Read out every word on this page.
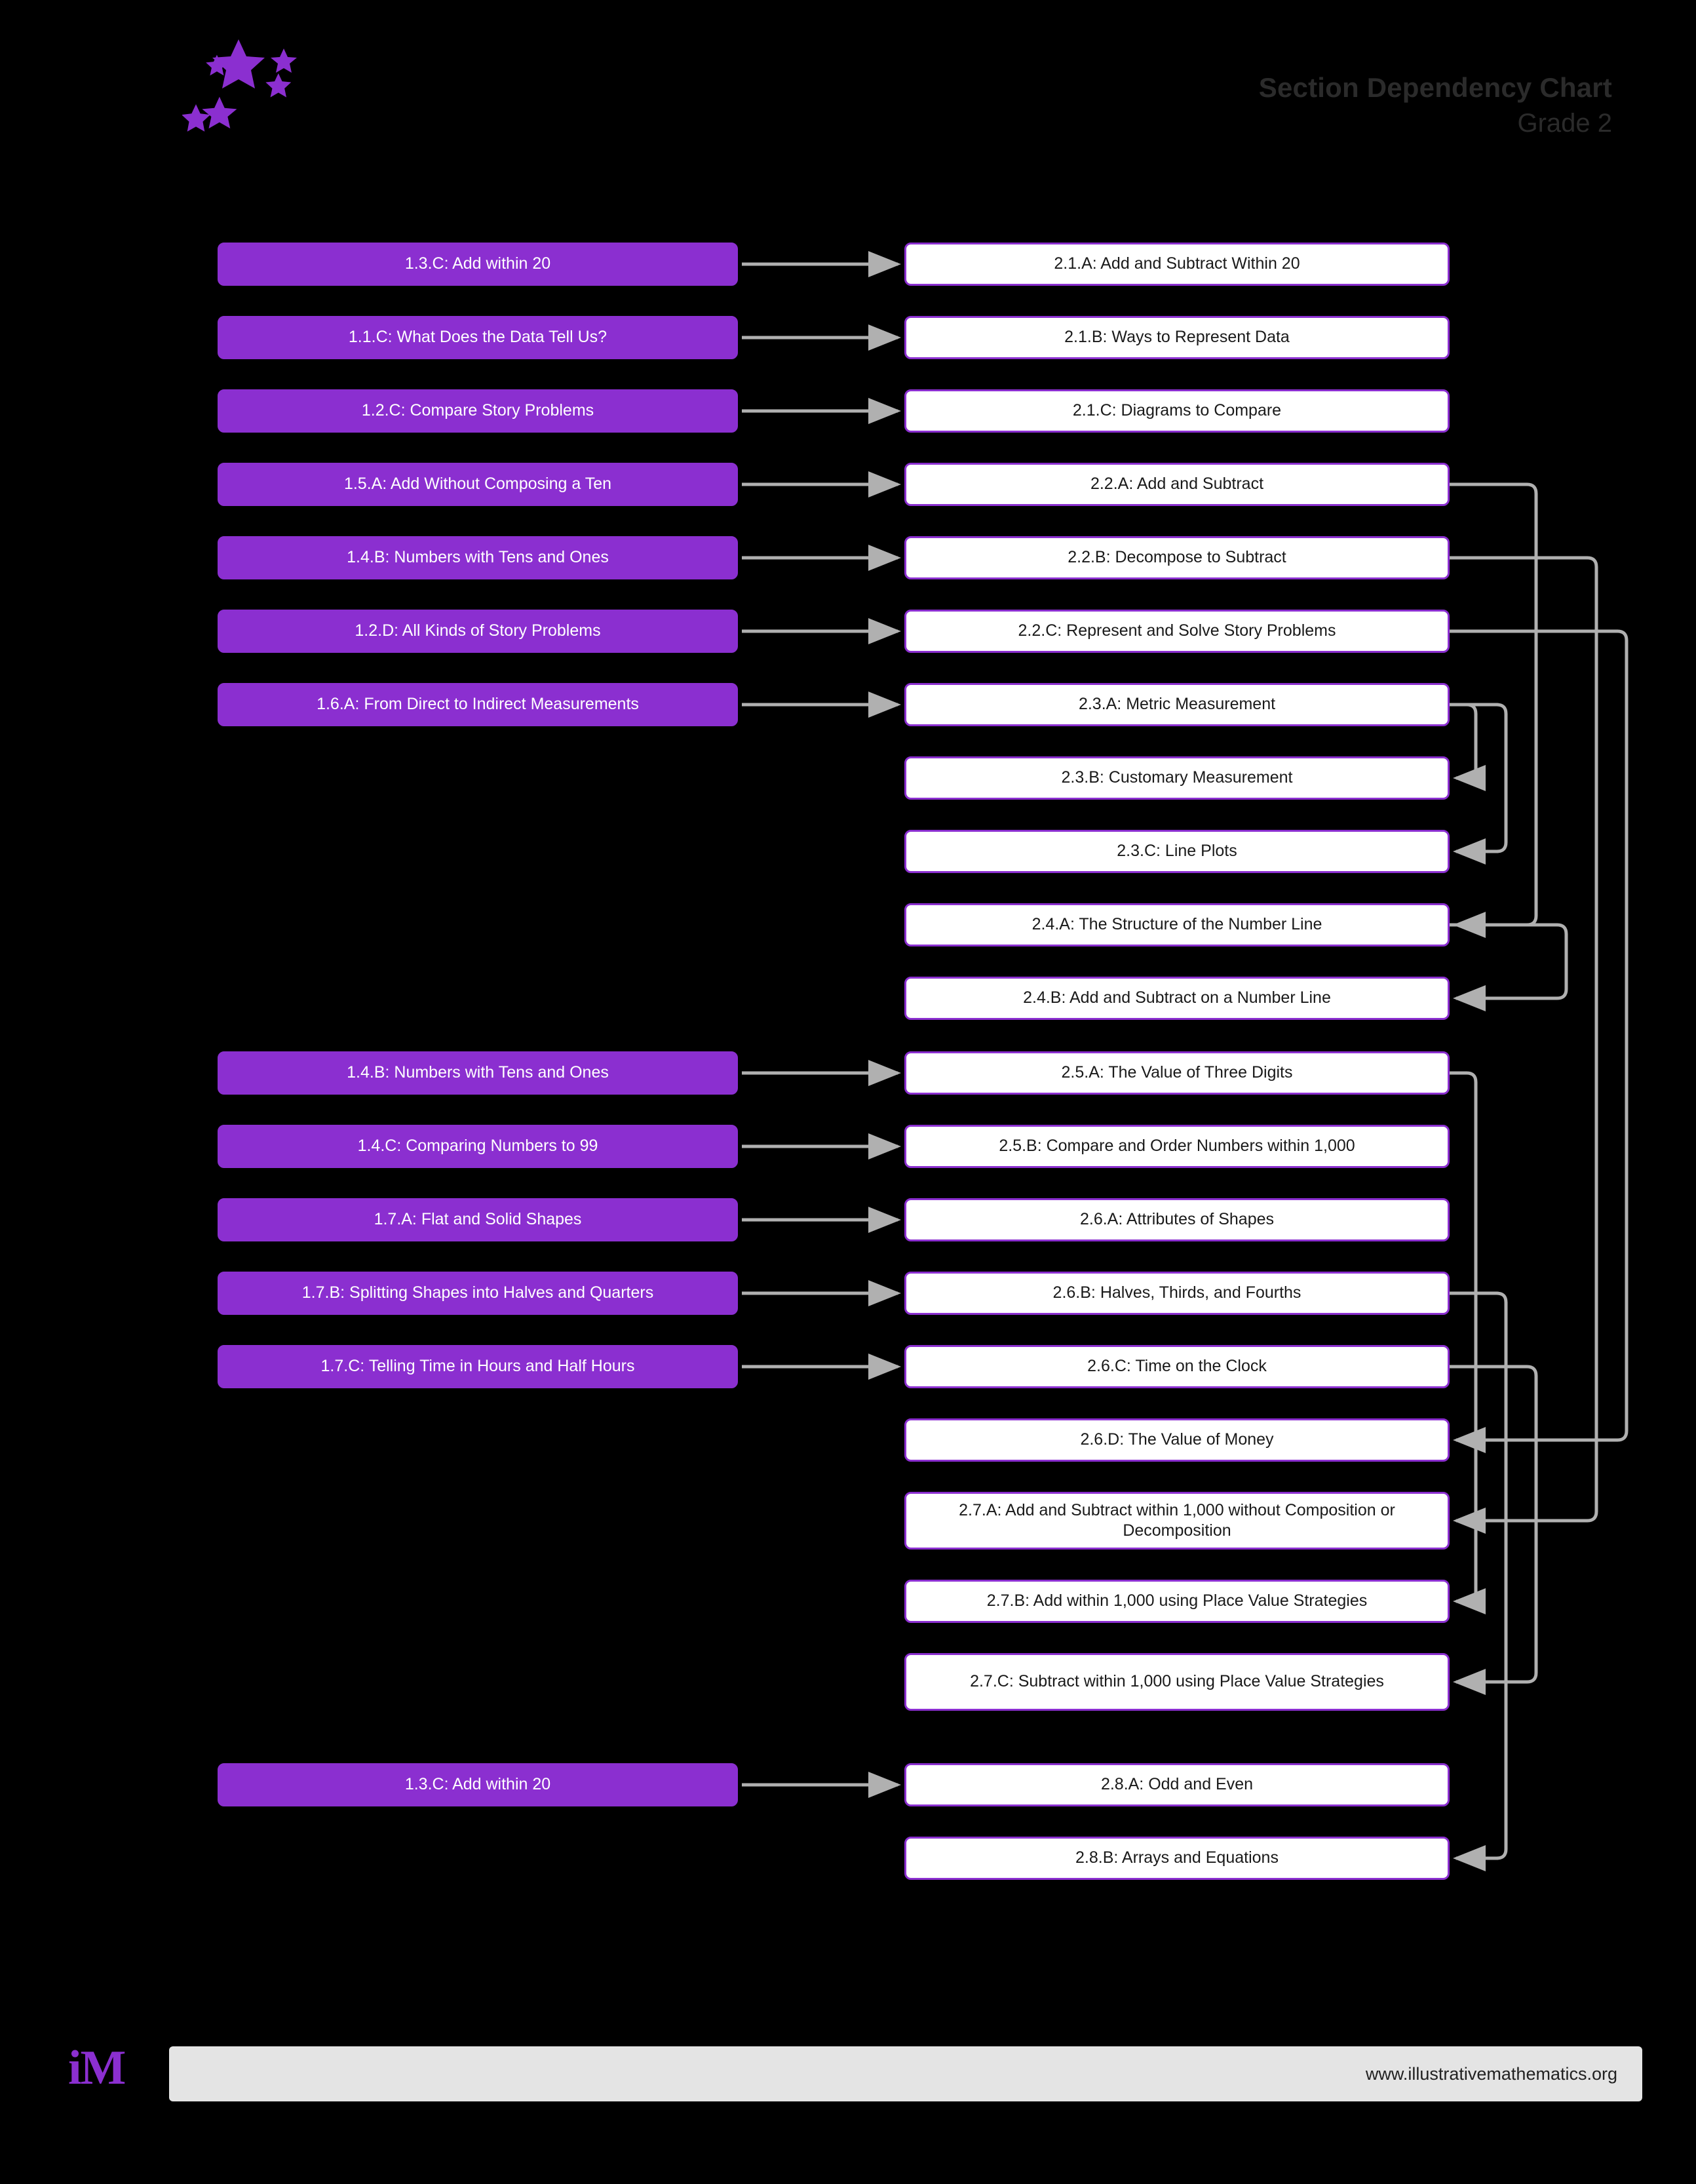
Section Dependency Chart
Grade 2
1.3.C: Add within 20
1.1.C: What Does the Data Tell Us?
1.2.C: Compare Story Problems
1.5.A: Add Without Composing a Ten
1.4.B: Numbers with Tens and Ones
1.2.D: All Kinds of Story Problems
1.6.A: From Direct to Indirect Measurements
1.4.B: Numbers with Tens and Ones
1.4.C: Comparing Numbers to 99
1.7.A: Flat and Solid Shapes
1.7.B: Splitting Shapes into Halves and Quarters
1.7.C: Telling Time in Hours and Half Hours
1.3.C: Add within 20
2.1.A: Add and Subtract Within 20
2.1.B: Ways to Represent Data
2.1.C: Diagrams to Compare
2.2.A: Add and Subtract
2.2.B: Decompose to Subtract
2.2.C: Represent and Solve Story Problems
2.3.A: Metric Measurement
2.3.B: Customary Measurement
2.3.C: Line Plots
2.4.A: The Structure of the Number Line
2.4.B: Add and Subtract on a Number Line
2.5.A: The Value of Three Digits
2.5.B: Compare and Order Numbers within 1,000
2.6.A: Attributes of Shapes
2.6.B: Halves, Thirds, and Fourths
2.6.C: Time on the Clock
2.6.D: The Value of Money
2.7.A: Add and Subtract within 1,000 without Composition or Decomposition
2.7.B: Add within 1,000 using Place Value Strategies
2.7.C: Subtract within 1,000 using Place Value Strategies
2.8.A: Odd and Even
2.8.B: Arrays and Equations
iM	www.illustrativemathematics.org
